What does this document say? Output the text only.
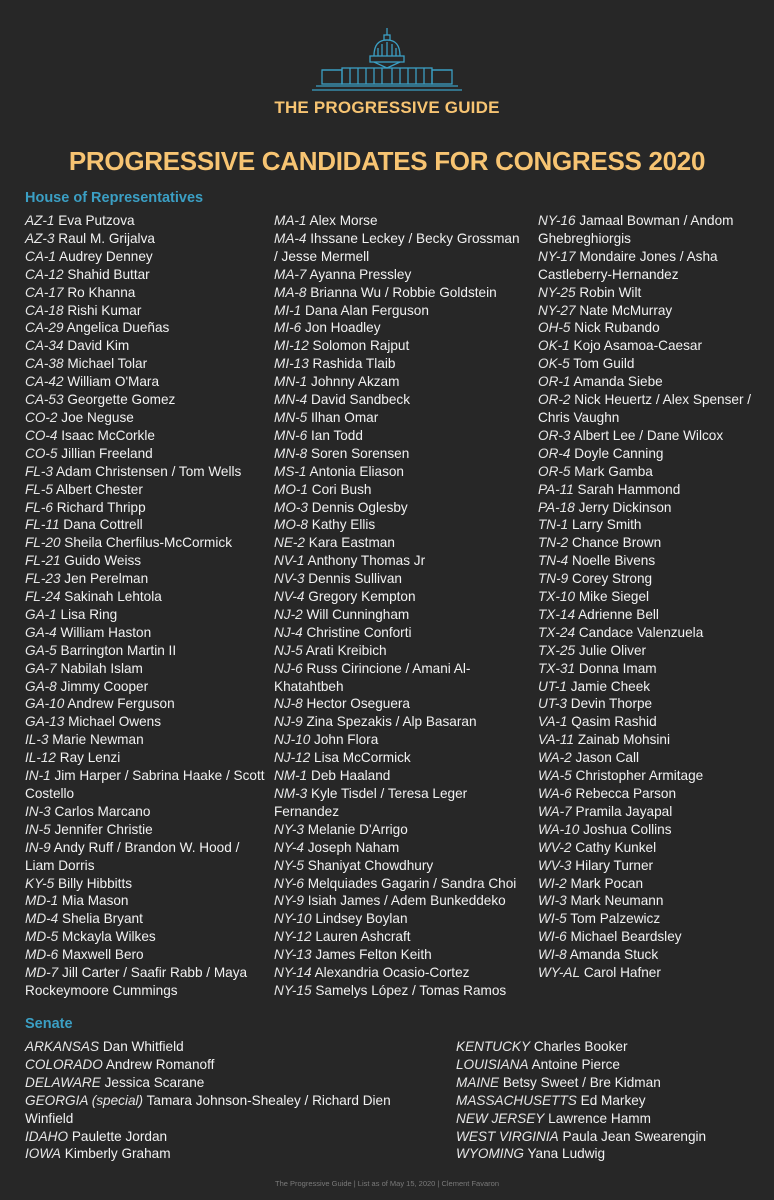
THE PROGRESSIVE GUIDE
PROGRESSIVE CANDIDATES FOR CONGRESS 2020
House of Representatives
AZ-1 Eva Putzova
AZ-3 Raul M. Grijalva
CA-1 Audrey Denney
CA-12 Shahid Buttar
CA-17 Ro Khanna
CA-18 Rishi Kumar
CA-29 Angelica Dueñas
CA-34 David Kim
CA-38 Michael Tolar
CA-42 William O'Mara
CA-53 Georgette Gomez
CO-2 Joe Neguse
CO-4 Isaac McCorkle
CO-5 Jillian Freeland
FL-3 Adam Christensen / Tom Wells
FL-5 Albert Chester
FL-6 Richard Thripp
FL-11 Dana Cottrell
FL-20 Sheila Cherfilus-McCormick
FL-21 Guido Weiss
FL-23 Jen Perelman
FL-24 Sakinah Lehtola
GA-1 Lisa Ring
GA-4 William Haston
GA-5 Barrington Martin II
GA-7 Nabilah Islam
GA-8 Jimmy Cooper
GA-10 Andrew Ferguson
GA-13 Michael Owens
IL-3 Marie Newman
IL-12 Ray Lenzi
IN-1 Jim Harper / Sabrina Haake / Scott Costello
IN-3 Carlos Marcano
IN-5 Jennifer Christie
IN-9 Andy Ruff / Brandon W. Hood / Liam Dorris
KY-5 Billy Hibbitts
MD-1 Mia Mason
MD-4 Shelia Bryant
MD-5 Mckayla Wilkes
MD-6 Maxwell Bero
MD-7 Jill Carter / Saafir Rabb / Maya Rockeymoore Cummings
MA-1 Alex Morse
MA-4 Ihssane Leckey / Becky Grossman / Jesse Mermell
MA-7 Ayanna Pressley
MA-8 Brianna Wu / Robbie Goldstein
MI-1 Dana Alan Ferguson
MI-6 Jon Hoadley
MI-12 Solomon Rajput
MI-13 Rashida Tlaib
MN-1 Johnny Akzam
MN-4 David Sandbeck
MN-5 Ilhan Omar
MN-6 Ian Todd
MN-8 Soren Sorensen
MS-1 Antonia Eliason
MO-1 Cori Bush
MO-3 Dennis Oglesby
MO-8 Kathy Ellis
NE-2 Kara Eastman
NV-1 Anthony Thomas Jr
NV-3 Dennis Sullivan
NV-4 Gregory Kempton
NJ-2 Will Cunningham
NJ-4 Christine Conforti
NJ-5 Arati Kreibich
NJ-6 Russ Cirincione / Amani Al-Khatahtbeh
NJ-8 Hector Oseguera
NJ-9 Zina Spezakis / Alp Basaran
NJ-10 John Flora
NJ-12 Lisa McCormick
NM-1 Deb Haaland
NM-3 Kyle Tisdel / Teresa Leger Fernandez
NY-3 Melanie D'Arrigo
NY-4 Joseph Naham
NY-5 Shaniyat Chowdhury
NY-6 Melquiades Gagarin / Sandra Choi
NY-9 Isiah James / Adem Bunkeddeko
NY-10 Lindsey Boylan
NY-12 Lauren Ashcraft
NY-13 James Felton Keith
NY-14 Alexandria Ocasio-Cortez
NY-15 Samelys López / Tomas Ramos
NY-16 Jamaal Bowman / Andom Ghebreghiorgis
NY-17 Mondaire Jones / Asha Castleberry-Hernandez
NY-25 Robin Wilt
NY-27 Nate McMurray
OH-5 Nick Rubando
OK-1 Kojo Asamoa-Caesar
OK-5 Tom Guild
OR-1 Amanda Siebe
OR-2 Nick Heuertz / Alex Spenser / Chris Vaughn
OR-3 Albert Lee / Dane Wilcox
OR-4 Doyle Canning
OR-5 Mark Gamba
PA-11 Sarah Hammond
PA-18 Jerry Dickinson
TN-1 Larry Smith
TN-2 Chance Brown
TN-4 Noelle Bivens
TN-9 Corey Strong
TX-10 Mike Siegel
TX-14 Adrienne Bell
TX-24 Candace Valenzuela
TX-25 Julie Oliver
TX-31 Donna Imam
UT-1 Jamie Cheek
UT-3 Devin Thorpe
VA-1 Qasim Rashid
VA-11 Zainab Mohsini
WA-2 Jason Call
WA-5 Christopher Armitage
WA-6 Rebecca Parson
WA-7 Pramila Jayapal
WA-10 Joshua Collins
WV-2 Cathy Kunkel
WV-3 Hilary Turner
WI-2 Mark Pocan
WI-3 Mark Neumann
WI-5 Tom Palzewicz
WI-6 Michael Beardsley
WI-8 Amanda Stuck
WY-AL Carol Hafner
Senate
ARKANSAS Dan Whitfield
COLORADO Andrew Romanoff
DELAWARE Jessica Scarane
GEORGIA (special) Tamara Johnson-Shealey / Richard Dien Winfield
IDAHO Paulette Jordan
IOWA Kimberly Graham
KENTUCKY Charles Booker
LOUISIANA Antoine Pierce
MAINE Betsy Sweet / Bre Kidman
MASSACHUSETTS Ed Markey
NEW JERSEY Lawrence Hamm
WEST VIRGINIA Paula Jean Swearengin
WYOMING Yana Ludwig
The Progressive Guide | List as of May 15, 2020 | Clement Favaron
